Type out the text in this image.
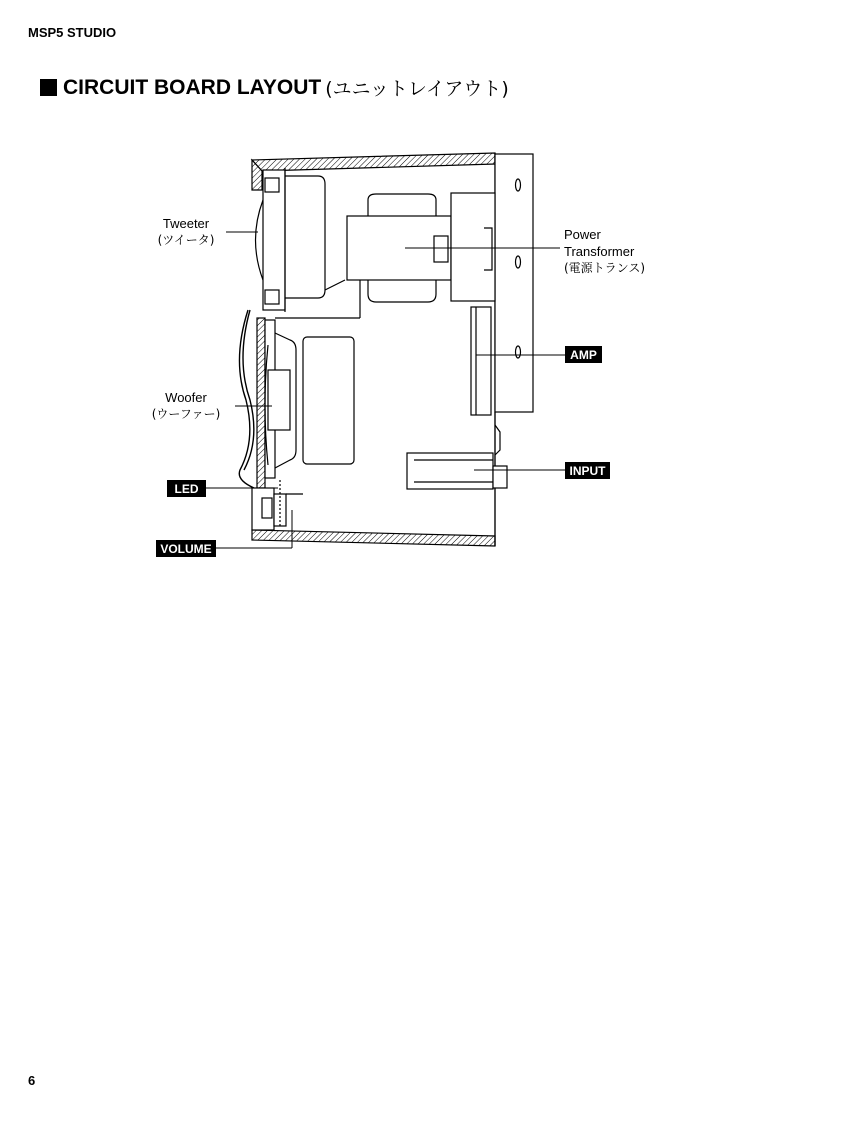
MSP5 STUDIO
CIRCUIT BOARD LAYOUT (ユニットレイアウト)
Tweeter
(ツイータ)	Power
Transformer
(電源トランス)
Woofer
(ウーファー)
AMP
INPUT
LED
VOLUME
6
